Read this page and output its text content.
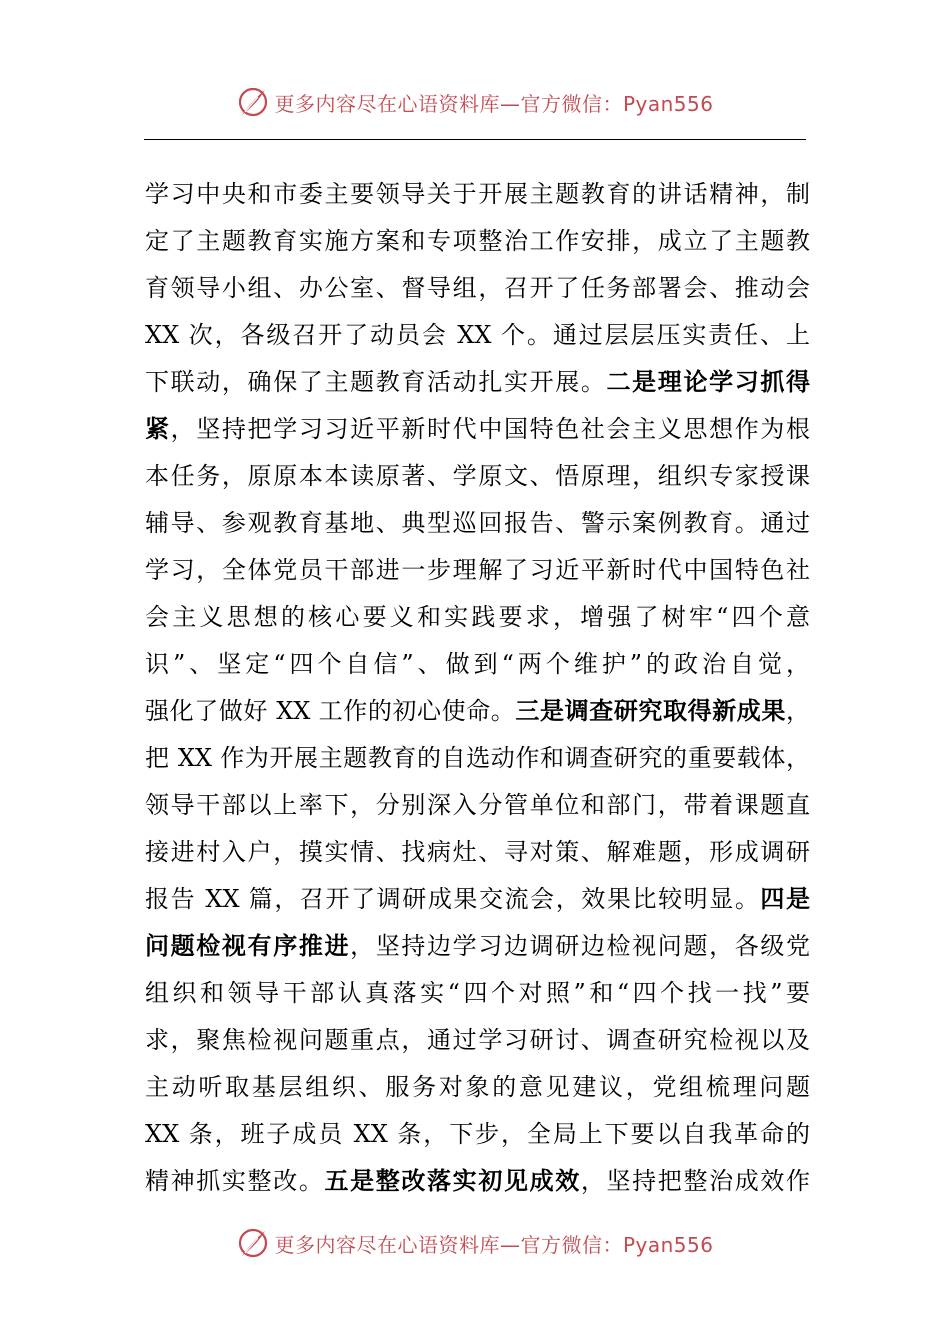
更多内容尽在心语资料库—官方微信：Pyan556
学习中央和市委主要领导关于开展主题教育的讲话精神，制
定了主题教育实施方案和专项整治工作安排，成立了主题教
育领导小组、办公室、督导组，召开了任务部署会、推动会
XX 次，各级召开了动员会 XX 个。通过层层压实责任、上
下联动，确保了主题教育活动扎实开展。二是理论学习抓得
紧，坚持把学习习近平新时代中国特色社会主义思想作为根
本任务，原原本本读原著、学原文、悟原理，组织专家授课
辅导、参观教育基地、典型巡回报告、警示案例教育。通过
学习，全体党员干部进一步理解了习近平新时代中国特色社
会主义思想的核心要义和实践要求，增强了树牢“四个意
识”、坚定“四个自信”、做到“两个维护”的政治自觉，
强化了做好 XX 工作的初心使命。三是调查研究取得新成果，
把 XX 作为开展主题教育的自选动作和调查研究的重要载体，
领导干部以上率下，分别深入分管单位和部门，带着课题直
接进村入户，摸实情、找病灶、寻对策、解难题，形成调研
报告 XX 篇，召开了调研成果交流会，效果比较明显。四是
问题检视有序推进，坚持边学习边调研边检视问题，各级党
组织和领导干部认真落实“四个对照”和“四个找一找”要
求，聚焦检视问题重点，通过学习研讨、调查研究检视以及
主动听取基层组织、服务对象的意见建议，党组梳理问题
XX 条，班子成员 XX 条，下步，全局上下要以自我革命的
精神抓实整改。五是整改落实初见成效，坚持把整治成效作
更多内容尽在心语资料库—官方微信：Pyan556
